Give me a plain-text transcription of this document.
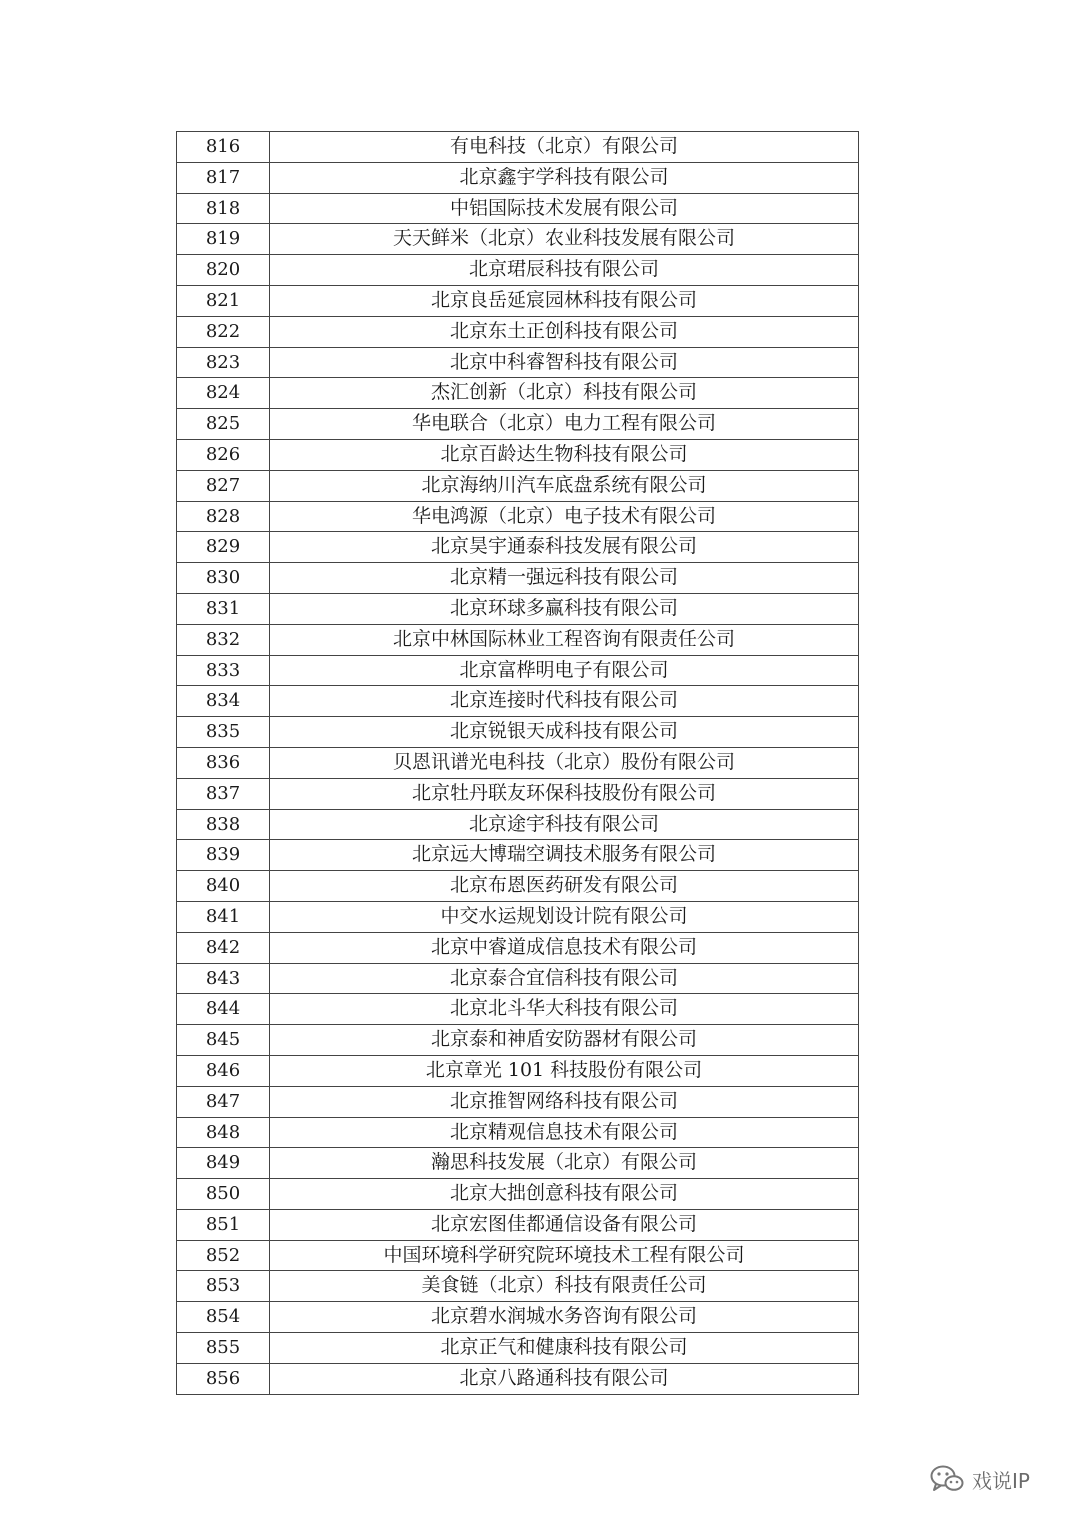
816	有电科技（北京）有限公司
817	北京鑫宇学科技有限公司
818	中铝国际技术发展有限公司
819	天天鲜米（北京）农业科技发展有限公司
820	北京珺辰科技有限公司
821	北京良岳延宸园林科技有限公司
822	北京东土正创科技有限公司
823	北京中科睿智科技有限公司
824	杰汇创新（北京）科技有限公司
825	华电联合（北京）电力工程有限公司
826	北京百龄达生物科技有限公司
827	北京海纳川汽车底盘系统有限公司
828	华电鸿源（北京）电子技术有限公司
829	北京昊宇通泰科技发展有限公司
830	北京精一强远科技有限公司
831	北京环球多赢科技有限公司
832	北京中林国际林业工程咨询有限责任公司
833	北京富桦明电子有限公司
834	北京连接时代科技有限公司
835	北京锐银天成科技有限公司
836	贝恩讯谱光电科技（北京）股份有限公司
837	北京牡丹联友环保科技股份有限公司
838	北京途宇科技有限公司
839	北京远大博瑞空调技术服务有限公司
840	北京布恩医药研发有限公司
841	中交水运规划设计院有限公司
842	北京中睿道成信息技术有限公司
843	北京泰合宜信科技有限公司
844	北京北斗华大科技有限公司
845	北京泰和神盾安防器材有限公司
846	北京章光 101 科技股份有限公司
847	北京推智网络科技有限公司
848	北京精观信息技术有限公司
849	瀚思科技发展（北京）有限公司
850	北京大拙创意科技有限公司
851	北京宏图佳都通信设备有限公司
852	中国环境科学研究院环境技术工程有限公司
853	美食链（北京）科技有限责任公司
854	北京碧水润城水务咨询有限公司
855	北京正气和健康科技有限公司
856	北京八路通科技有限公司
戏说IP
